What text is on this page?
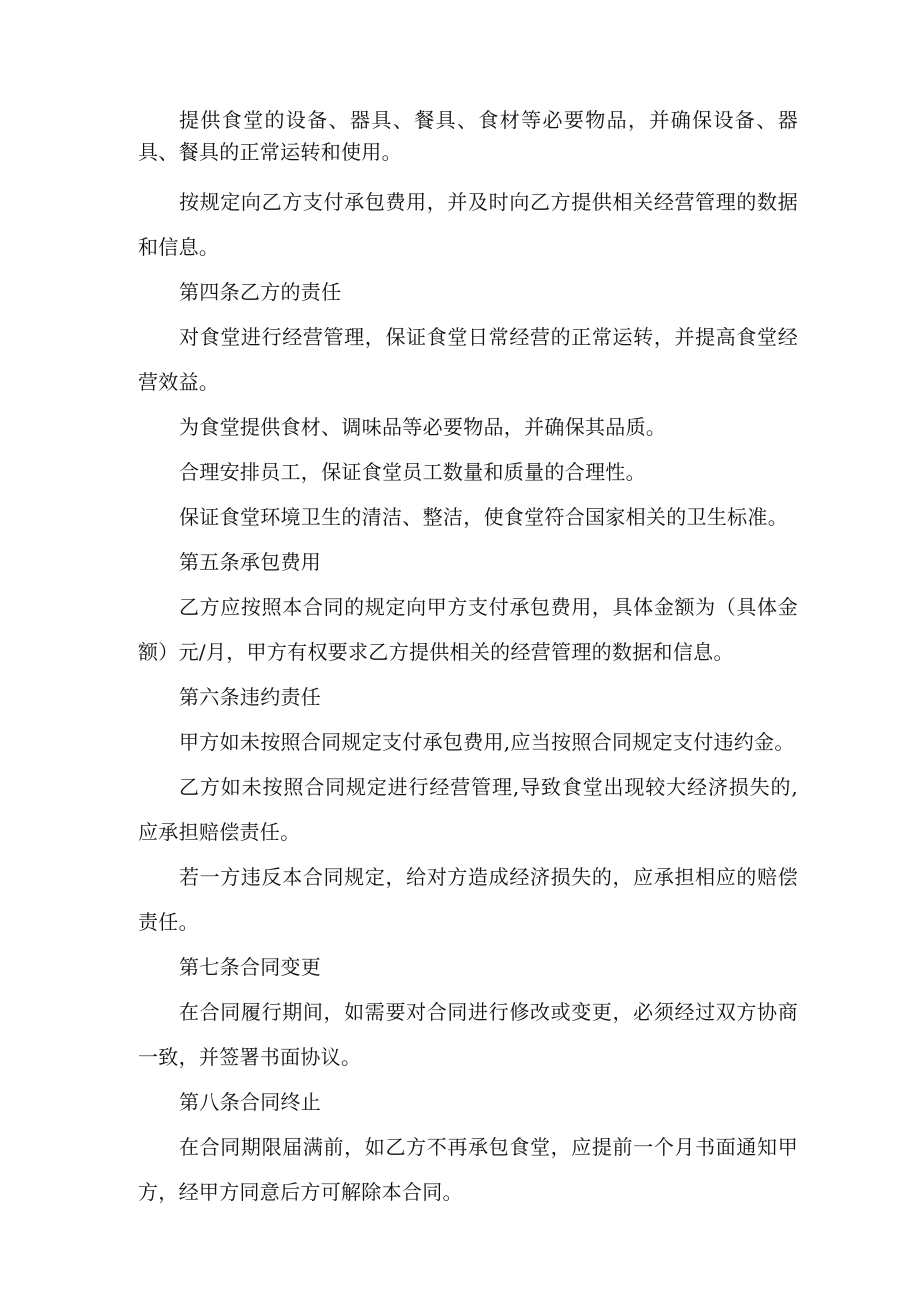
提供食堂的设备、器具、餐具、食材等必要物品，并确保设备、器具、餐具的正常运转和使用。

按规定向乙方支付承包费用，并及时向乙方提供相关经营管理的数据和信息。

第四条乙方的责任

对食堂进行经营管理，保证食堂日常经营的正常运转，并提高食堂经营效益。

为食堂提供食材、调味品等必要物品，并确保其品质。

合理安排员工，保证食堂员工数量和质量的合理性。

保证食堂环境卫生的清洁、整洁，使食堂符合国家相关的卫生标准。

第五条承包费用

乙方应按照本合同的规定向甲方支付承包费用，具体金额为（具体金额）元/月，甲方有权要求乙方提供相关的经营管理的数据和信息。

第六条违约责任

甲方如未按照合同规定支付承包费用,应当按照合同规定支付违约金。

乙方如未按照合同规定进行经营管理,导致食堂出现较大经济损失的,应承担赔偿责任。

若一方违反本合同规定，给对方造成经济损失的，应承担相应的赔偿责任。

第七条合同变更

在合同履行期间，如需要对合同进行修改或变更，必须经过双方协商一致，并签署书面协议。

第八条合同终止

在合同期限届满前，如乙方不再承包食堂，应提前一个月书面通知甲方，经甲方同意后方可解除本合同。
